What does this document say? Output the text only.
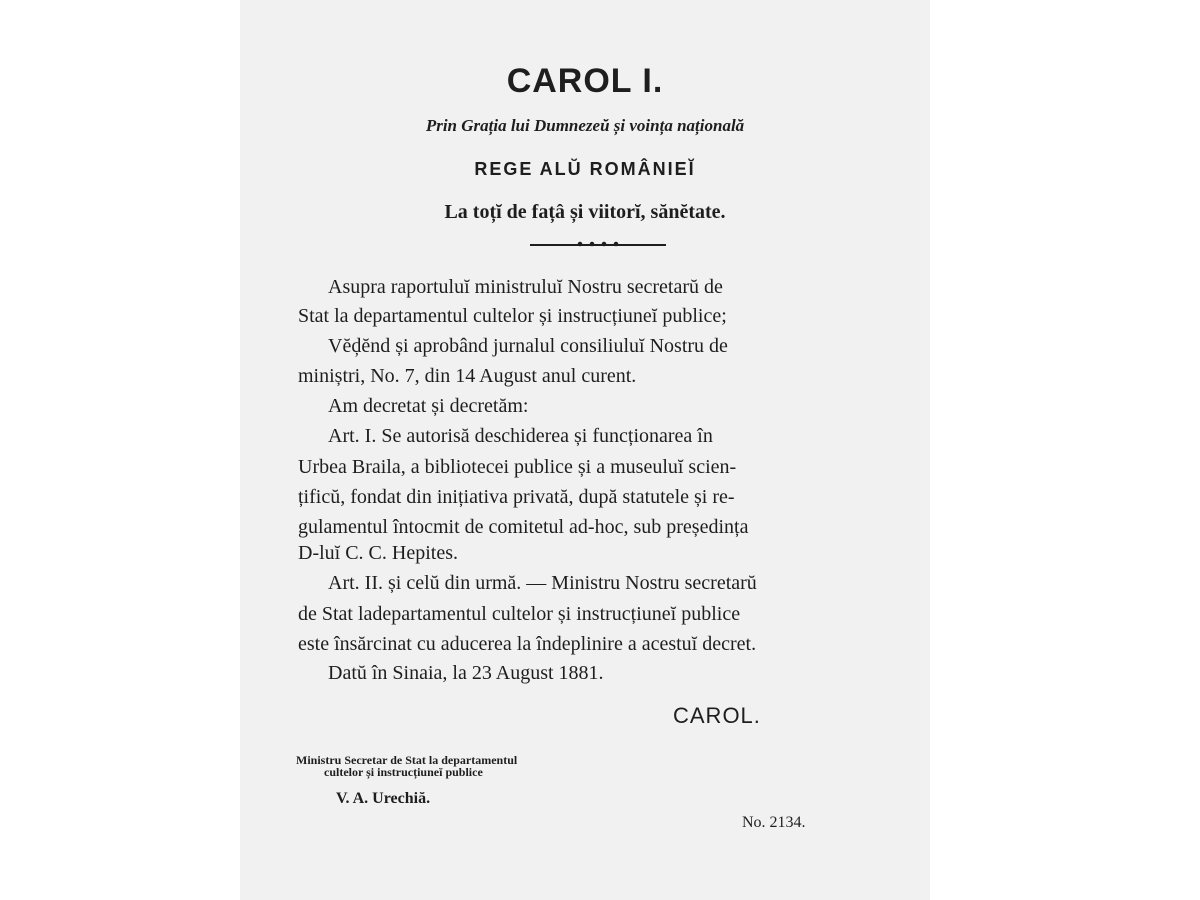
CAROL I.
Prin Grația lui Dumnezeŭ și voința națională
REGE ALŬ ROMÂNIEĬ
La toțĭ de fațâ și viitorĭ, sănĕtate.
Asupra raportuluĭ ministruluĭ Nostru secretarŭ de
Stat la departamentul cultelor și instrucțiuneĭ publice;
Vĕḑĕnd și aprobând jurnalul consiliuluĭ Nostru de
miniștri, No. 7, din 14 August anul curent.
Am decretat și decretăm:
Art. I. Se autorisă deschiderea și funcționarea în
Urbea Braila, a bibliotecei publice și a museuluĭ scien-
țificŭ, fondat din inițiativa privată, după statutele și re-
gulamentul întocmit de comitetul ad-hoc, sub președința
D-luĭ C. C. Hepites.
Art. II. și celŭ din urmă. — Ministru Nostru secretarŭ
de Stat ladepartamentul cultelor și instrucțiuneĭ publice
este însărcinat cu aducerea la îndeplinire a acestuĭ decret.
Datŭ în Sinaia, la 23 August 1881.
CAROL.
Ministru Secretar de Stat la departamentul
cultelor și instrucțiuneĭ publice
V. A. Urechiă.
No. 2134.
